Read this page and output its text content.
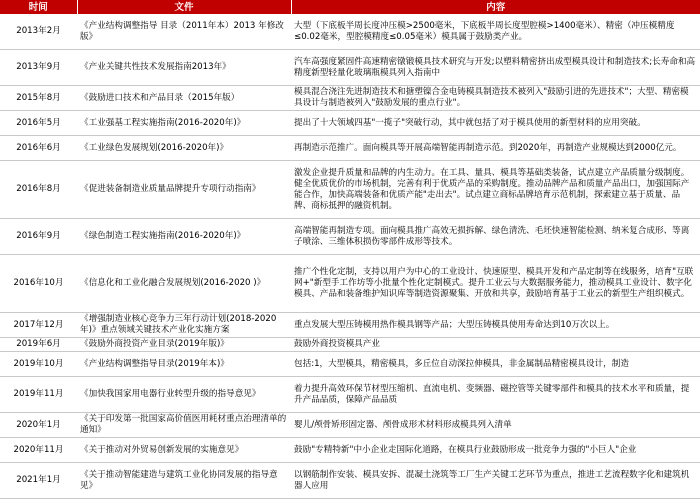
时间	文件	内容
2013年2月	《产业结构调整指导 目录（2011年本）2013 年修改版》	大型（下底板半周长度冲压模>2500毫米，下底板半周长度型腔模>1400毫米）、精密（冲压模精度≤0.02毫米，型腔模精度≤0.05毫米）模具属于鼓励类产业。
2013年9月	《产业关键共性技术发展指南2013年》	汽车高强度紧固件高速精密镦锻模具技术研究与开发;以塑料精密挤出成型模具设计和制造技术;长寿命和高精度新型轻量化玻璃瓶模具列入指南中
2015年8月	《鼓励进口技术和产品目录（2015年版）	模具混合浇注先进制造技术和搪塑镍合金电铸模具制造技术被列入"鼓励引进的先进技术"；大型、精密模具设计与制造被列入"鼓励发展的重点行业"。
2016年5月	《工业强基工程实施指南(2016-2020年)》	提出了十大领域四基"一揽子"突破行动，其中就包括了对于模具使用的新型材料的应用突破。
2016年6月	《工业绿色发展规划(2016-2020年)》	再制造示范推广。面向模具等开展高端智能再制造示范。到2020年，再制造产业规模达到2000亿元。
2016年8月	《促进装备制造业质量品牌提升专项行动指南》	激发企业提升质量和品牌的内生动力。在工具、量具、模具等基础类装备，试点建立产品质量分级制度。健全优质优价的市场机制，完善有利于优质产品的采购制度。推动品牌产品和质量产品出口，加强国际产能合作，加快高端装备和优质产能"走出去"。试点建立商标品牌培育示范机制，探索建立基于质量、品牌、商标抵押的融资机制。
2016年9月	《绿色制造工程实施指南(2016-2020年)》	高端智能再制造专项。面向模具推广高效无损拆解、绿色清洗、毛坯快速智能检测、纳米复合成形、等离子喷涂、三维体积损伤零部件成形等技术。
2016年10月	《信息化和工业化融合发展规划(2016-2020 )》	推广个性化定制，支持以用户为中心的工业设计、快速原型、模具开发和产品定制等在线服务，培育"互联网+"新型手工作坊等小批量个性化定制模式。提升工业云与大数据服务能力，推动模具工业设计、数字化模具、产品和装备维护知识库等制造资源聚集、开放和共享，鼓励培育基于工业云的新型生产组织模式。
2017年12月	《增强制造业核心竞争力三年行动计划(2018-2020年)》重点领域关键技术产业化实施方案	重点发展大型压铸模用热作模具钢等产品；大型压铸模具使用寿命达到10万次以上。
2019年6月	《鼓励外商投资产业目录(2019年版)》	鼓励外商投资模具产业
2019年10月	《产业结构调整指导目录(2019年本)》	包括:1，大型模具，精密模具，多丘位自动深拉伸模具，非金属制品精密模具设计，制造
2019年11月	《加快我国家用电器行业转型升级的指导意见》	着力提升高效环保节材型压缩机、直流电机、变频器、磁控管等关键零部件和模具的技术水平和质量，提升产品品质，保障产品品质
2020年1月	《关于印发第一批国家高价值医用耗材重点治理清单的通知》	婴儿/颅骨矫形固定器、颅骨成形术材料形成模具列入清单
2020年11月	《关于推动对外贸易创新发展的实施意见》	鼓励"专精特新"中小企业走国际化道路，在模具行业鼓励形成一批竞争力强的"小巨人"企业
2021年1月	《关于推动智能建造与建筑工业化协同发展的指导意见》	以钢筋制作安装、模具安拆、混凝土浇筑等工厂生产关键工艺环节为重点，推进工艺流程数字化和建筑机器人应用
